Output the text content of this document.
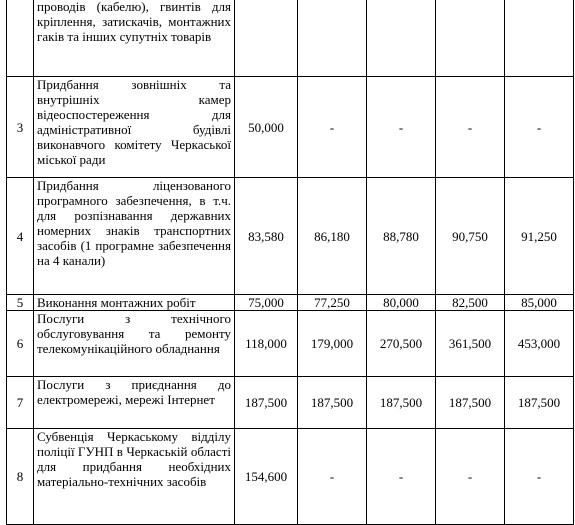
	проводів (кабелю), гвинтів для кріплення, затискачів, монтажних гаків та інших супутніх товарів					
3	Придбання зовнішніх та внутрішніх камер відеоспостереження для адміністративної будівлі виконавчого комітету Черкаської міської ради	50,000	-	-	-	-
4	Придбання ліцензованого програмного забезпечення, в т.ч. для розпізнавання державних номерних знаків транспортних засобів (1 програмне забезпечення на 4 канали)	83,580	86,180	88,780	90,750	91,250
5	Виконання монтажних робіт	75,000	77,250	80,000	82,500	85,000
6	Послуги з технічного обслуговування та ремонту телекомунікаційного обладнання	118,000	179,000	270,500	361,500	453,000
7	Послуги з приєднання до електромережі, мережі Інтернет	187,500	187,500	187,500	187,500	187,500
8	Субвенція Черкаському відділу поліції ГУНП в Черкаській області для придбання необхідних матеріально-технічних засобів	154,600	-	-	-	-
